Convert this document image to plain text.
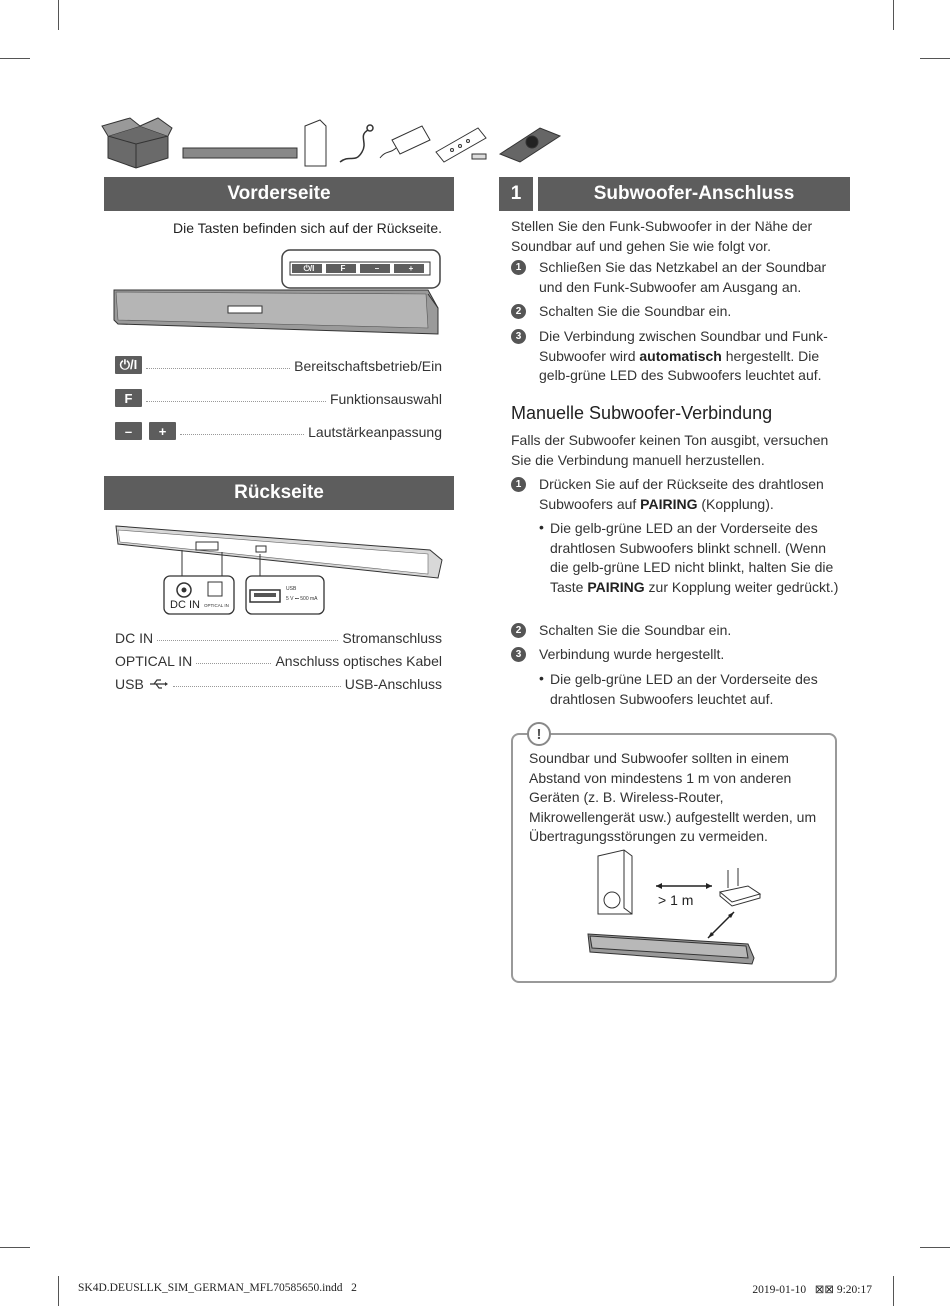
Vorderseite
Die Tasten befinden sich auf der Rückseite.
⏻/I	F	–	+
⏻/I	Bereitschaftsbetrieb/Ein
F	Funktionsauswahl
–	+	Lautstärkeanpassung
Rückseite
DC IN OPTICAL IN
USB
5 V ⎓ 500 mA
DC IN	Stromanschluss
OPTICAL IN	Anschluss optisches Kabel
USB	USB-Anschluss
1	Subwoofer-Anschluss
Stellen Sie den Funk-Subwoofer in der Nähe der Soundbar auf und gehen Sie wie folgt vor.
1	Schließen Sie das Netzkabel an der Soundbar und den Funk-Subwoofer am Ausgang an.
2	Schalten Sie die Soundbar ein.
3	Die Verbindung zwischen Soundbar und Funk-Subwoofer wird automatisch hergestellt. Die gelb-grüne LED des Subwoofers leuchtet auf.
Manuelle Subwoofer-Verbindung
Falls der Subwoofer keinen Ton ausgibt, versuchen Sie die Verbindung manuell herzustellen.
1	Drücken Sie auf der Rückseite des drahtlosen Subwoofers auf PAIRING (Kopplung).
• Die gelb-grüne LED an der Vorderseite des drahtlosen Subwoofers blinkt schnell. (Wenn die gelb-grüne LED nicht blinkt, halten Sie die Taste PAIRING zur Kopplung weiter gedrückt.)
2	Schalten Sie die Soundbar ein.
3	Verbindung wurde hergestellt.
• Die gelb-grüne LED an der Vorderseite des drahtlosen Subwoofers leuchtet auf.
!
Soundbar und Subwoofer sollten in einem Abstand von mindestens 1 m von anderen Geräten (z. B. Wireless-Router, Mikrowellengerät usw.) aufgestellt werden, um Übertragungsstörungen zu vermeiden.
> 1 m
SK4D.DEUSLLK_SIM_GERMAN_MFL70585650.indd   2	2019-01-10   ⊠⊠ 9:20:17
